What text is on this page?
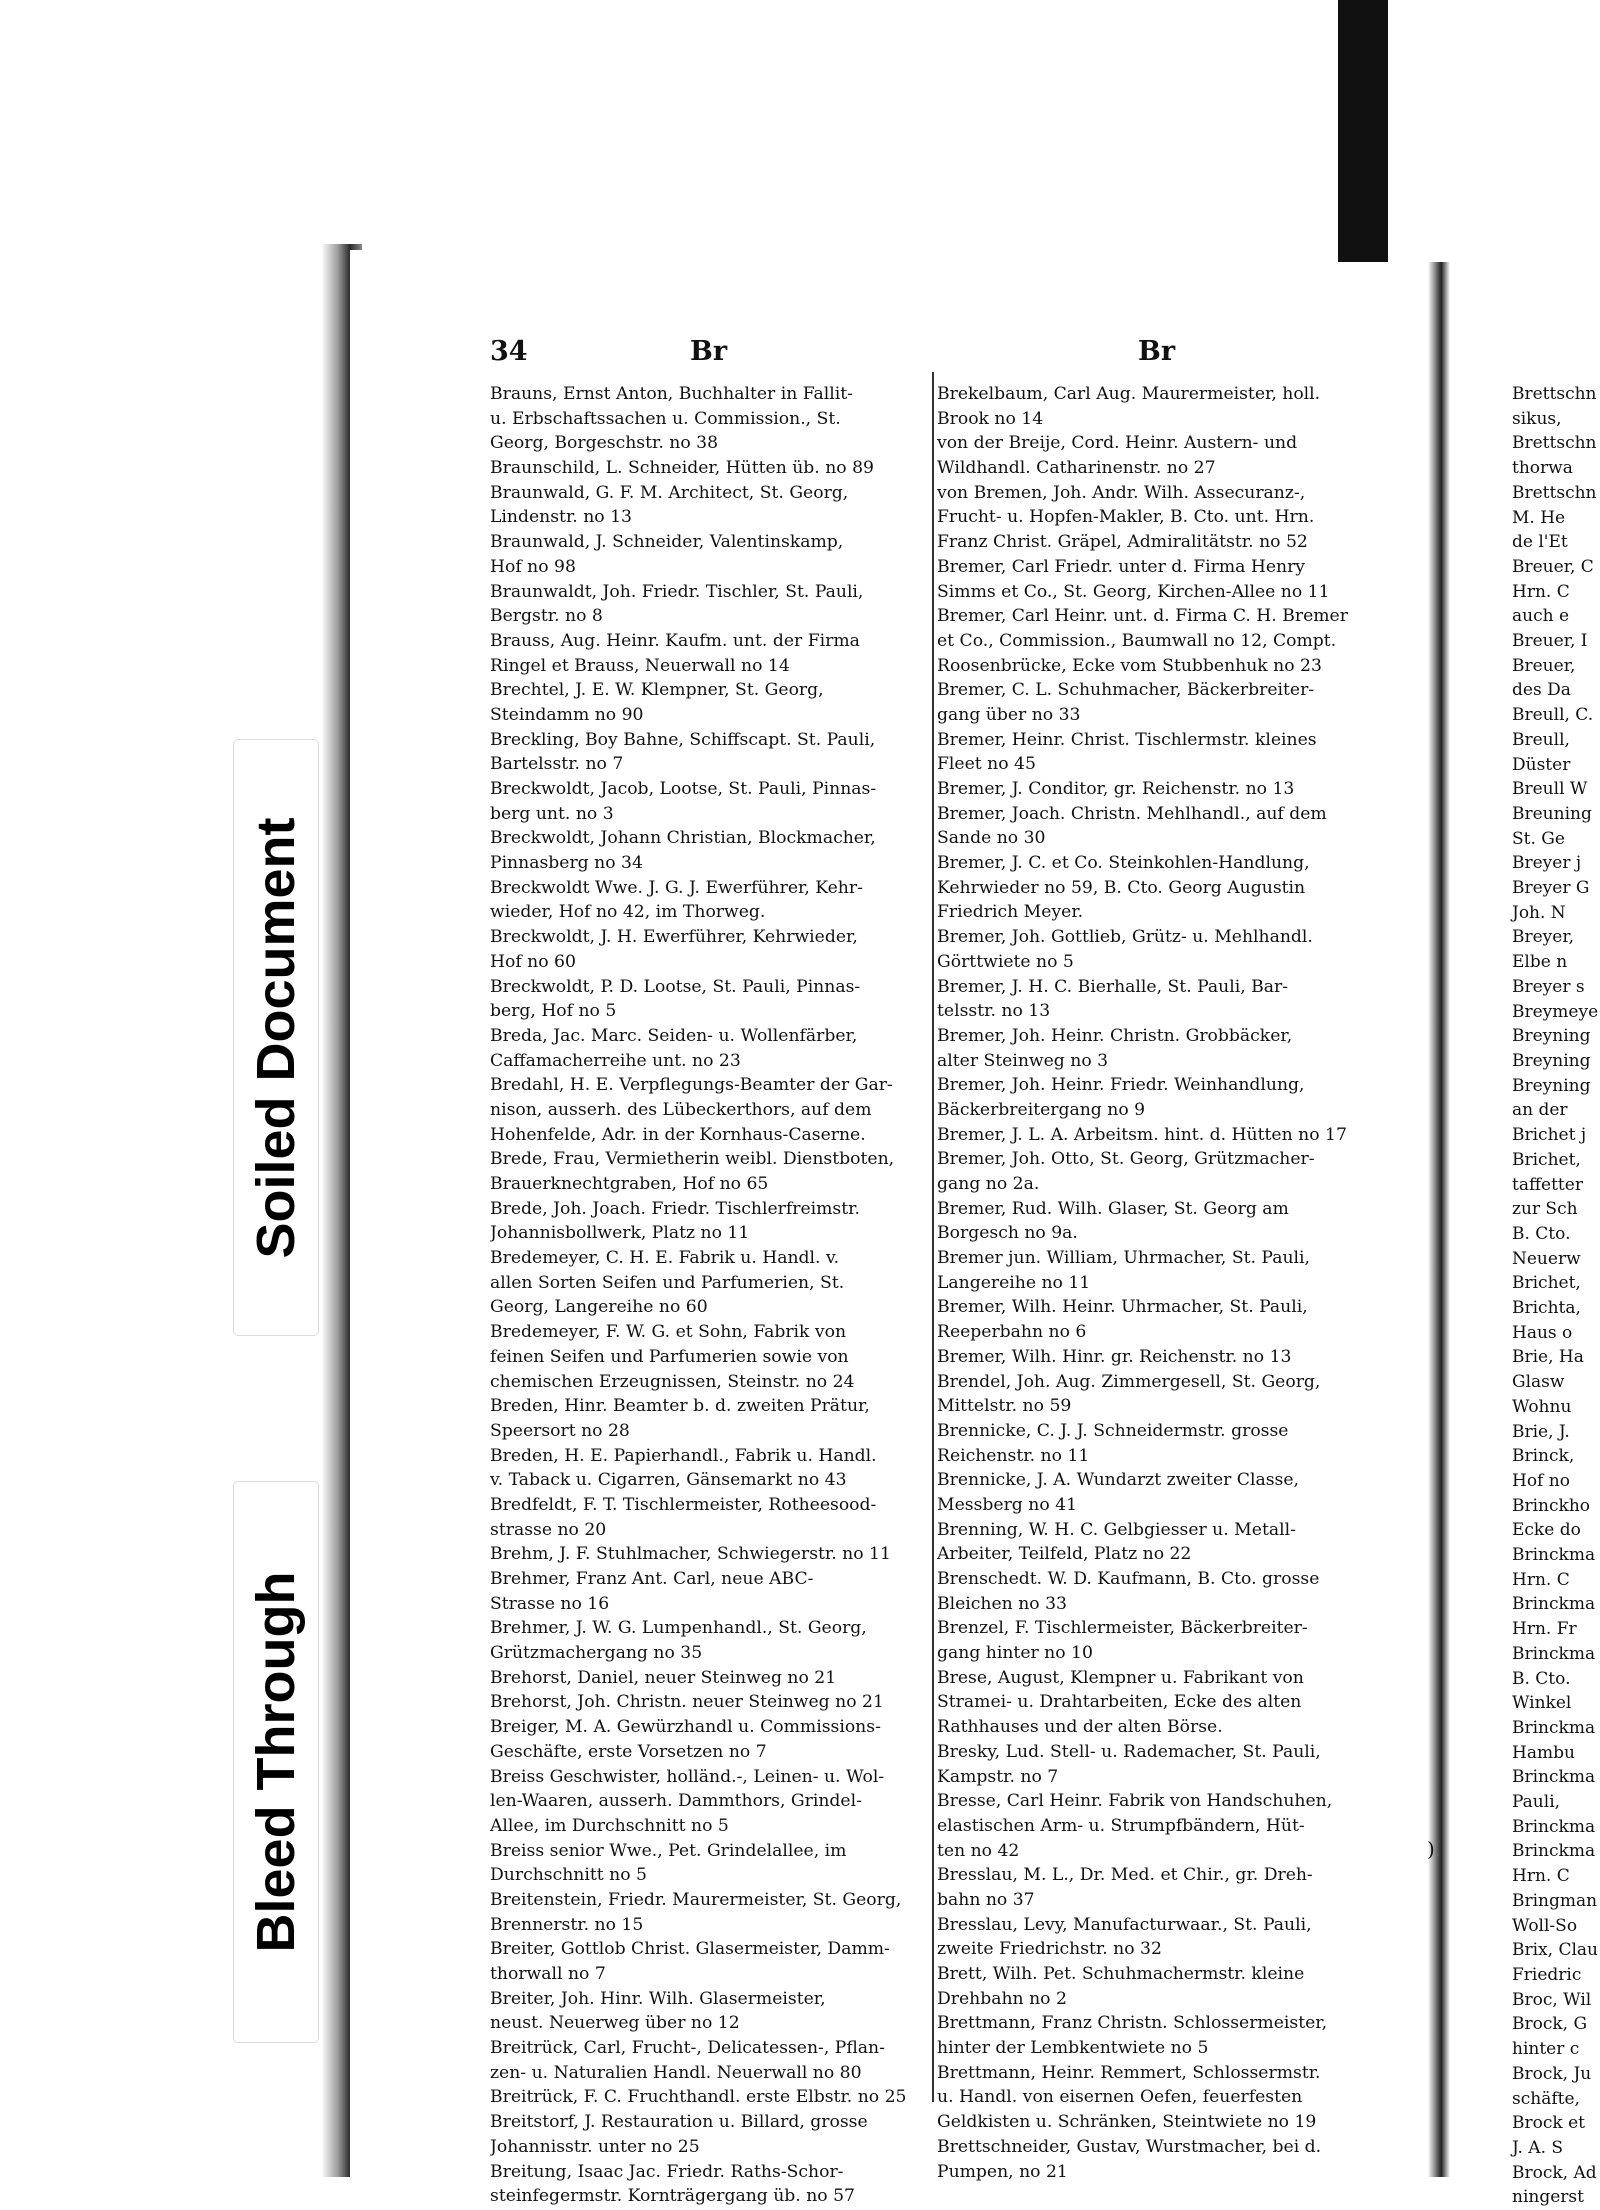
34	Br	Br
Brauns, Ernst Anton, Buchhalter in Fallit-
u. Erbschaftssachen u. Commission., St.
Georg, Borgeschstr. no 38
Braunschild, L. Schneider, Hütten üb. no 89
Braunwald, G. F. M. Architect, St. Georg,
Lindenstr. no 13
Braunwald, J. Schneider, Valentinskamp,
Hof no 98
Braunwaldt, Joh. Friedr. Tischler, St. Pauli,
Bergstr. no 8
Brauss, Aug. Heinr. Kaufm. unt. der Firma
Ringel et Brauss, Neuerwall no 14
Brechtel, J. E. W. Klempner, St. Georg,
Steindamm no 90
Breckling, Boy Bahne, Schiffscapt. St. Pauli,
Bartelsstr. no 7
Breckwoldt, Jacob, Lootse, St. Pauli, Pinnas-
berg unt. no 3
Breckwoldt, Johann Christian, Blockmacher,
Pinnasberg no 34
Breckwoldt Wwe. J. G. J. Ewerführer, Kehr-
wieder, Hof no 42, im Thorweg.
Breckwoldt, J. H. Ewerführer, Kehrwieder,
Hof no 60
Breckwoldt, P. D. Lootse, St. Pauli, Pinnas-
berg, Hof no 5
Breda, Jac. Marc. Seiden- u. Wollenfärber,
Caffamacherreihe unt. no 23
Bredahl, H. E. Verpflegungs-Beamter der Gar-
nison, ausserh. des Lübeckerthors, auf dem
Hohenfelde, Adr. in der Kornhaus-Caserne.
Brede, Frau, Vermietherin weibl. Dienstboten,
Brauerknechtgraben, Hof no 65
Brede, Joh. Joach. Friedr. Tischlerfreimstr.
Johannisbollwerk, Platz no 11
Bredemeyer, C. H. E. Fabrik u. Handl. v.
allen Sorten Seifen und Parfumerien, St.
Georg, Langereihe no 60
Bredemeyer, F. W. G. et Sohn, Fabrik von
feinen Seifen und Parfumerien sowie von
chemischen Erzeugnissen, Steinstr. no 24
Breden, Hinr. Beamter b. d. zweiten Prätur,
Speersort no 28
Breden, H. E. Papierhandl., Fabrik u. Handl.
v. Taback u. Cigarren, Gänsemarkt no 43
Bredfeldt, F. T. Tischlermeister, Rotheesood-
strasse no 20
Brehm, J. F. Stuhlmacher, Schwiegerstr. no 11
Brehmer, Franz Ant. Carl, neue ABC-
Strasse no 16
Brehmer, J. W. G. Lumpenhandl., St. Georg,
Grützmachergang no 35
Brehorst, Daniel, neuer Steinweg no 21
Brehorst, Joh. Christn. neuer Steinweg no 21
Breiger, M. A. Gewürzhandl u. Commissions-
Geschäfte, erste Vorsetzen no 7
Breiss Geschwister, holländ.-, Leinen- u. Wol-
len-Waaren, ausserh. Dammthors, Grindel-
Allee, im Durchschnitt no 5
Breiss senior Wwe., Pet. Grindelallee, im
Durchschnitt no 5
Breitenstein, Friedr. Maurermeister, St. Georg,
Brennerstr. no 15
Breiter, Gottlob Christ. Glasermeister, Damm-
thorwall no 7
Breiter, Joh. Hinr. Wilh. Glasermeister,
neust. Neuerweg über no 12
Breitrück, Carl, Frucht-, Delicatessen-, Pflan-
zen- u. Naturalien Handl. Neuerwall no 80
Breitrück, F. C. Fruchthandl. erste Elbstr. no 25
Breitstorf, J. Restauration u. Billard, grosse
Johannisstr. unter no 25
Breitung, Isaac Jac. Friedr. Raths-Schor-
steinfegermstr. Kornträgergang üb. no 57
Brekelbaum, Carl Aug. Maurermeister, holl.
Brook no 14
von der Breije, Cord. Heinr. Austern- und
Wildhandl. Catharinenstr. no 27
von Bremen, Joh. Andr. Wilh. Assecuranz-,
Frucht- u. Hopfen-Makler, B. Cto. unt. Hrn.
Franz Christ. Gräpel, Admiralitätstr. no 52
Bremer, Carl Friedr. unter d. Firma Henry
Simms et Co., St. Georg, Kirchen-Allee no 11
Bremer, Carl Heinr. unt. d. Firma C. H. Bremer
et Co., Commission., Baumwall no 12, Compt.
Roosenbrücke, Ecke vom Stubbenhuk no 23
Bremer, C. L. Schuhmacher, Bäckerbreiter-
gang über no 33
Bremer, Heinr. Christ. Tischlermstr. kleines
Fleet no 45
Bremer, J. Conditor, gr. Reichenstr. no 13
Bremer, Joach. Christn. Mehlhandl., auf dem
Sande no 30
Bremer, J. C. et Co. Steinkohlen-Handlung,
Kehrwieder no 59, B. Cto. Georg Augustin
Friedrich Meyer.
Bremer, Joh. Gottlieb, Grütz- u. Mehlhandl.
Görttwiete no 5
Bremer, J. H. C. Bierhalle, St. Pauli, Bar-
telsstr. no 13
Bremer, Joh. Heinr. Christn. Grobbäcker,
alter Steinweg no 3
Bremer, Joh. Heinr. Friedr. Weinhandlung,
Bäckerbreitergang no 9
Bremer, J. L. A. Arbeitsm. hint. d. Hütten no 17
Bremer, Joh. Otto, St. Georg, Grützmacher-
gang no 2a.
Bremer, Rud. Wilh. Glaser, St. Georg am
Borgesch no 9a.
Bremer jun. William, Uhrmacher, St. Pauli,
Langereihe no 11
Bremer, Wilh. Heinr. Uhrmacher, St. Pauli,
Reeperbahn no 6
Bremer, Wilh. Hinr. gr. Reichenstr. no 13
Brendel, Joh. Aug. Zimmergesell, St. Georg,
Mittelstr. no 59
Brennicke, C. J. J. Schneidermstr. grosse
Reichenstr. no 11
Brennicke, J. A. Wundarzt zweiter Classe,
Messberg no 41
Brenning, W. H. C. Gelbgiesser u. Metall-
Arbeiter, Teilfeld, Platz no 22
Brenschedt. W. D. Kaufmann, B. Cto. grosse
Bleichen no 33
Brenzel, F. Tischlermeister, Bäckerbreiter-
gang hinter no 10
Brese, August, Klempner u. Fabrikant von
Stramei- u. Drahtarbeiten, Ecke des alten
Rathhauses und der alten Börse.
Bresky, Lud. Stell- u. Rademacher, St. Pauli,
Kampstr. no 7
Bresse, Carl Heinr. Fabrik von Handschuhen,
elastischen Arm- u. Strumpfbändern, Hüt-
ten no 42
Bresslau, M. L., Dr. Med. et Chir., gr. Dreh-
bahn no 37
Bresslau, Levy, Manufacturwaar., St. Pauli,
zweite Friedrichstr. no 32
Brett, Wilh. Pet. Schuhmachermstr. kleine
Drehbahn no 2
Brettmann, Franz Christn. Schlossermeister,
hinter der Lembkentwiete no 5
Brettmann, Heinr. Remmert, Schlossermstr.
u. Handl. von eisernen Oefen, feuerfesten
Geldkisten u. Schränken, Steintwiete no 19
Brettschneider, Gustav, Wurstmacher, bei d.
Pumpen, no 21
Brettschn
sikus,
Brettschn
thorwa
Brettschn
M. He
de l'Et
Breuer, C
Hrn. C
auch e
Breuer, I
Breuer,
des Da
Breull, C.
Breull,
Düster
Breull W
Breuning
St. Ge
Breyer j
Breyer G
Joh. N
Breyer,
Elbe n
Breyer s
Breymeye
Breyning
Breyning
Breyning
an der
Brichet j
Brichet,
taffetter
zur Sch
B. Cto.
Neuerw
Brichet,
Brichta,
Haus o
Brie, Ha
Glasw
Wohnu
Brie, J.
Brinck,
Hof no
Brinckho
Ecke do
Brinckma
Hrn. C
Brinckma
Hrn. Fr
Brinckma
B. Cto.
Winkel
Brinckma
Hambu
Brinckma
Pauli,
Brinckma
Brinckma
Hrn. C
Bringman
Woll-So
Brix, Clau
Friedric
Broc, Wil
Brock, G
hinter c
Brock, Ju
schäfte,
Brock et
J. A. S
Brock, Ad
ningerst
)
Soiled Document
Bleed Through
